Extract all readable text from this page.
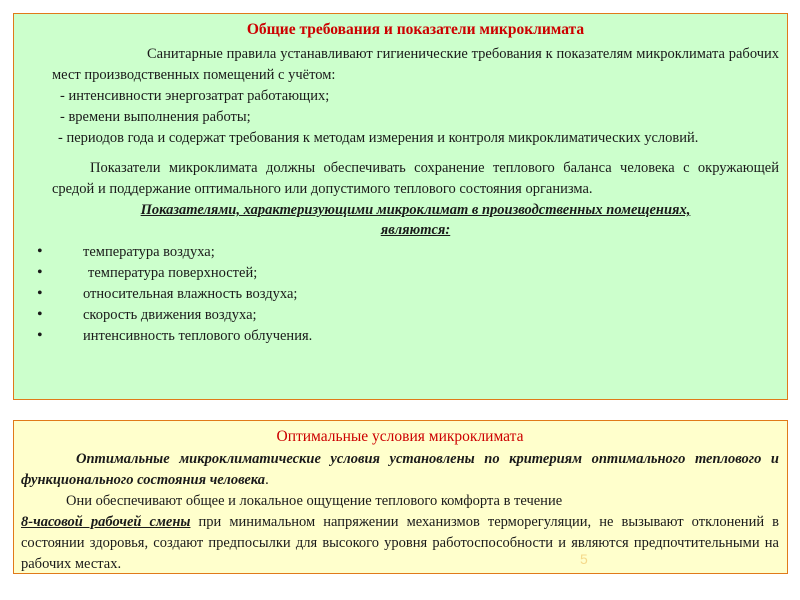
Общие требования и показатели микроклимата

Санитарные правила устанавливают гигиенические требования к показателям микроклимата рабочих мест производственных помещений с учётом:

- интенсивности энергозатрат работающих;

- времени выполнения работы;

- периодов года и содержат требования к методам измерения и контроля микроклиматических условий.

Показатели микроклимата должны обеспечивать сохранение теплового баланса человека с окружающей средой и поддержание оптимального или допустимого теплового состояния организма.

Показателями, характеризующими микроклимат в производственных помещениях,
являются:
•	температура воздуха;
•	температура поверхностей;
•	относительная влажность воздуха;
•	скорость движения воздуха;
•	интенсивность теплового облучения.
Оптимальные условия микроклимата

Оптимальные микроклиматические условия установлены по критериям оптимального теплового и функционального состояния человека.

Они обеспечивают общее и локальное ощущение теплового комфорта в течение

8-часовой рабочей смены при минимальном напряжении механизмов терморегуляции, не вызывают отклонений в состоянии здоровья, создают предпосылки для высокого уровня работоспособности и являются предпочтительными на рабочих местах.	5
